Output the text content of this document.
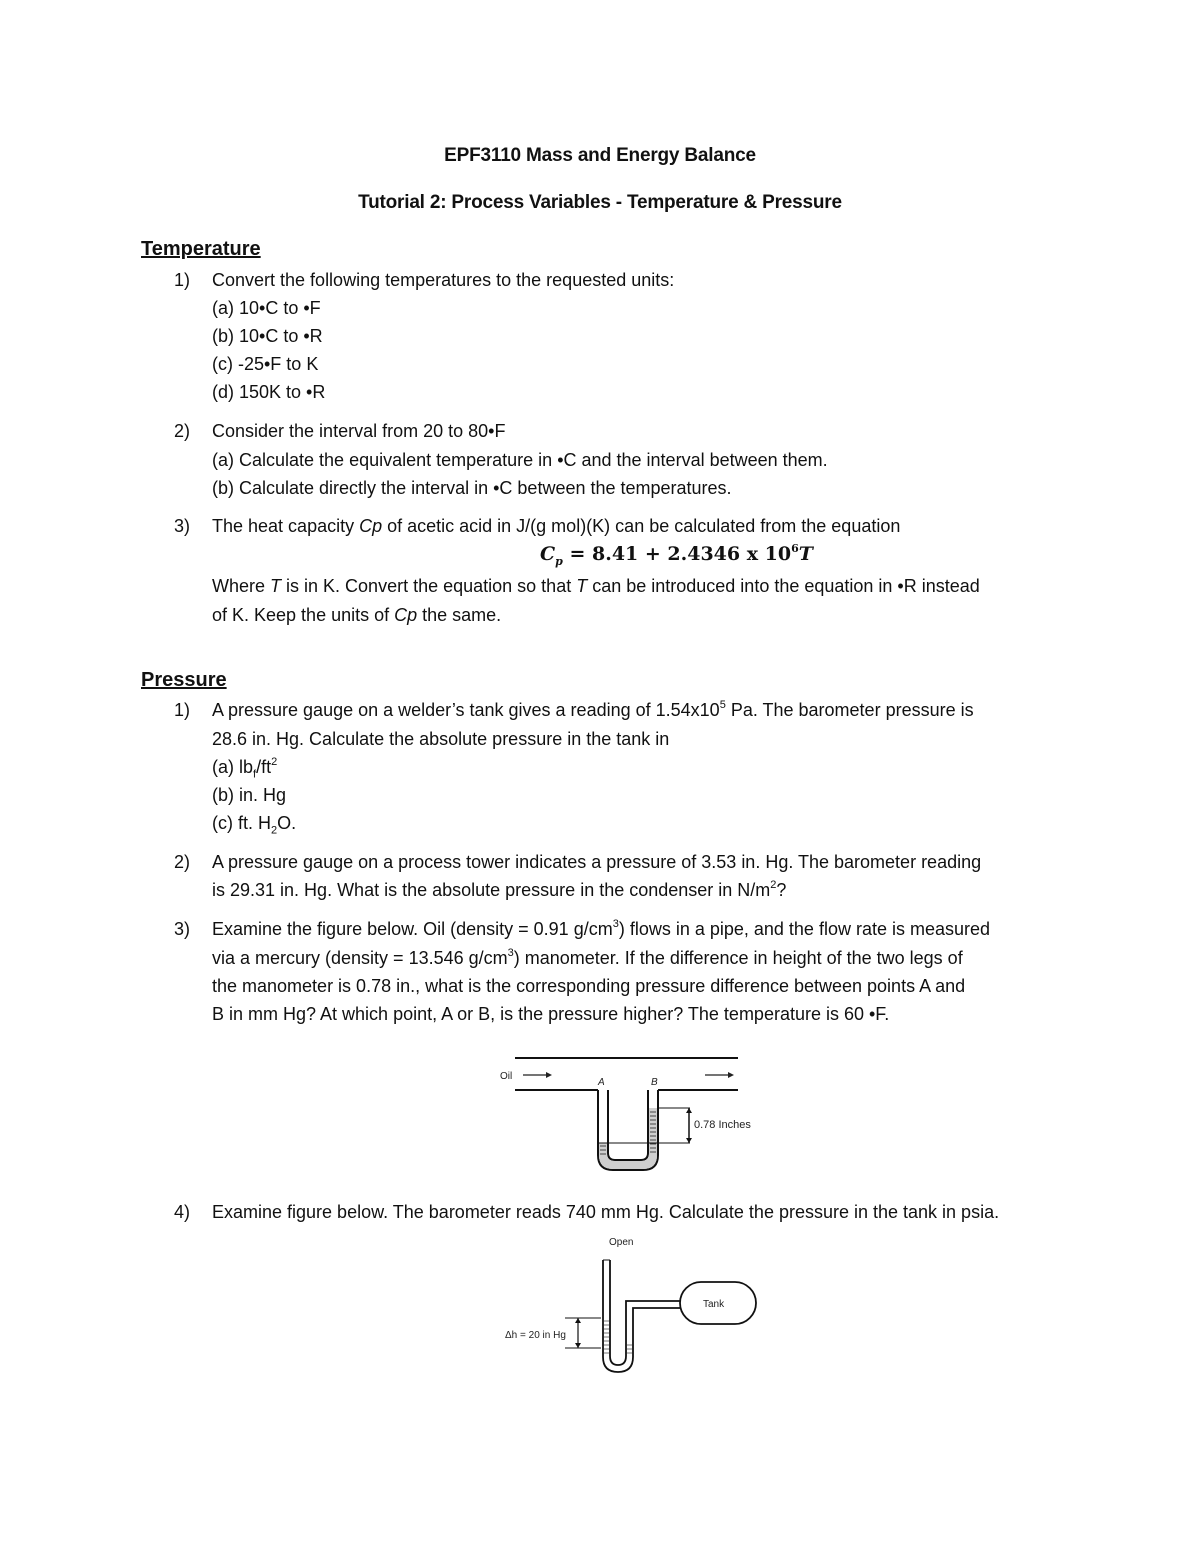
EPF3110 Mass and Energy Balance
Tutorial 2: Process Variables - Temperature & Pressure
Temperature
1) Convert the following temperatures to the requested units:
(a) 10•C to •F
(b) 10•C to •R
(c) -25•F to K
(d) 150K to •R
2) Consider the interval from 20 to 80•F
(a) Calculate the equivalent temperature in •C and the interval between them.
(b) Calculate directly the interval in •C between the temperatures.
3) The heat capacity Cp of acetic acid in J/(g mol)(K) can be calculated from the equation
$C_p = 8.41 + 2.4346$ x $10^6T$
Where T is in K. Convert the equation so that T can be introduced into the equation in •R instead
of K. Keep the units of Cp the same.
Pressure
1) A pressure gauge on a welder’s tank gives a reading of $1.54x10^5$ Pa. The barometer pressure is
28.6 in. Hg. Calculate the absolute pressure in the tank in
(a) $lb_f/ft^2$
(b) in. Hg
(c) ft. $H_2O$.
2) A pressure gauge on a process tower indicates a pressure of 3.53 in. Hg. The barometer reading
is 29.31 in. Hg. What is the absolute pressure in the condenser in $N/m^2$?
3) Examine the figure below. Oil (density = 0.91 $g/cm^3$) flows in a pipe, and the flow rate is measured
via a mercury (density = 13.546 $g/cm^3$) manometer. If the difference in height of the two legs of
the manometer is 0.78 in., what is the corresponding pressure difference between points A and
B in mm Hg? At which point, A or B, is the pressure higher? The temperature is 60 •F.
Oil
A	B
0.78 Inches
4) Examine figure below. The barometer reads 740 mm Hg. Calculate the pressure in the tank in psia.
Open
Tank
Δh = 20 in Hg
